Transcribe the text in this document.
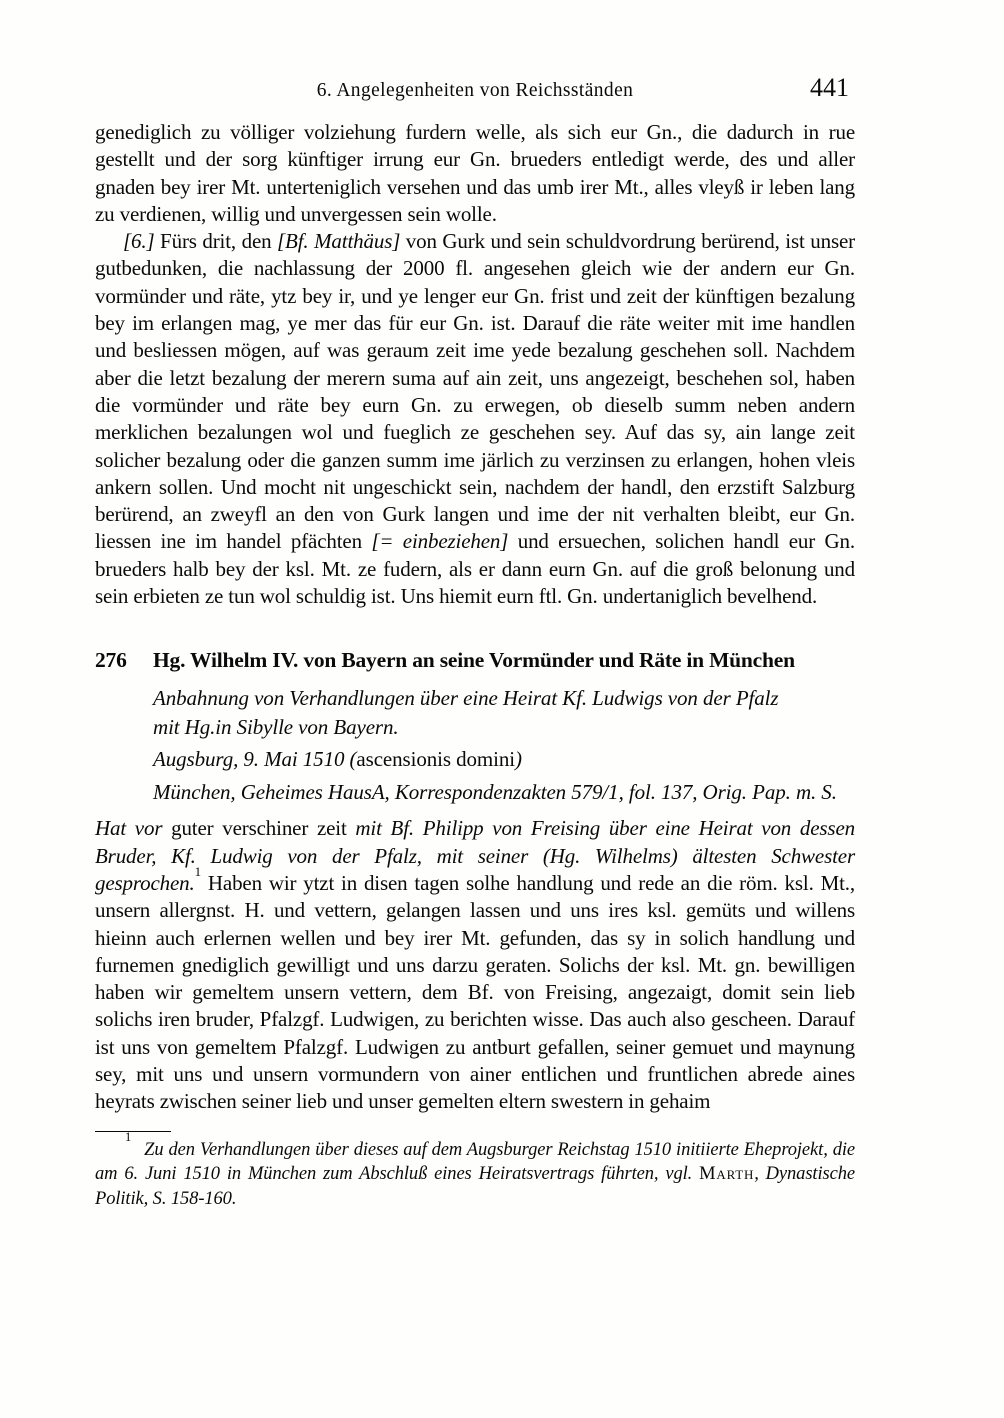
6. Angelegenheiten von Reichsständen	441

genediglich zu völliger volziehung furdern welle, als sich eur Gn., die dadurch in rue gestellt und der sorg künftiger irrung eur Gn. brueders entledigt werde, des und aller gnaden bey irer Mt. unterteniglich versehen und das umb irer Mt., alles vleyß ir leben lang zu verdienen, willig und unvergessen sein wolle.

[6.] Fürs drit, den [Bf. Matthäus] von Gurk und sein schuldvordrung berürend, ist unser gutbedunken, die nachlassung der 2000 fl. angesehen gleich wie der andern eur Gn. vormünder und räte, ytz bey ir, und ye lenger eur Gn. frist und zeit der künftigen bezalung bey im erlangen mag, ye mer das für eur Gn. ist. Darauf die räte weiter mit ime handlen und besliessen mögen, auf was geraum zeit ime yede bezalung geschehen soll. Nachdem aber die letzt bezalung der merern suma auf ain zeit, uns angezeigt, beschehen sol, haben die vormünder und räte bey eurn Gn. zu erwegen, ob dieselb summ neben andern merklichen bezalungen wol und fueglich ze geschehen sey. Auf das sy, ain lange zeit solicher bezalung oder die ganzen summ ime järlich zu verzinsen zu erlangen, hohen vleis ankern sollen. Und mocht nit ungeschickt sein, nachdem der handl, den erzstift Salzburg berürend, an zweyfl an den von Gurk langen und ime der nit verhalten bleibt, eur Gn. liessen ine im handel pfächten [= einbeziehen] und ersuechen, solichen handl eur Gn. brueders halb bey der ksl. Mt. ze fudern, als er dann eurn Gn. auf die groß belonung und sein erbieten ze tun wol schuldig ist. Uns hiemit eurn ftl. Gn. undertaniglich bevelhend.

276	Hg. Wilhelm IV. von Bayern an seine Vormünder und Räte in München

Anbahnung von Verhandlungen über eine Heirat Kf. Ludwigs von der Pfalz mit Hg.in Sibylle von Bayern.

Augsburg, 9. Mai 1510 (ascensionis domini)

München, Geheimes HausA, Korrespondenzakten 579/1, fol. 137, Orig. Pap. m. S.

Hat vor guter verschiner zeit mit Bf. Philipp von Freising über eine Heirat von dessen Bruder, Kf. Ludwig von der Pfalz, mit seiner (Hg. Wilhelms) ältesten Schwester gesprochen.$^1$ Haben wir ytzt in disen tagen solhe handlung und rede an die röm. ksl. Mt., unsern allergnst. H. und vettern, gelangen lassen und uns ires ksl. gemüts und willens hieinn auch erlernen wellen und bey irer Mt. gefunden, das sy in solich handlung und furnemen gnediglich gewilligt und uns darzu geraten. Solichs der ksl. Mt. gn. bewilligen haben wir gemeltem unsern vettern, dem Bf. von Freising, angezaigt, domit sein lieb solichs iren bruder, Pfalzgf. Ludwigen, zu berichten wisse. Das auch also gescheen. Darauf ist uns von gemeltem Pfalzgf. Ludwigen zu antburt gefallen, seiner gemuet und maynung sey, mit uns und unsern vormundern von ainer entlichen und fruntlichen abrede aines heyrats zwischen seiner lieb und unser gemelten eltern swestern in gehaim

$^1$Zu den Verhandlungen über dieses auf dem Augsburger Reichstag 1510 initiierte Eheprojekt, die am 6. Juni 1510 in München zum Abschluß eines Heiratsvertrags führten, vgl. Marth, Dynastische Politik, S. 158-160.
